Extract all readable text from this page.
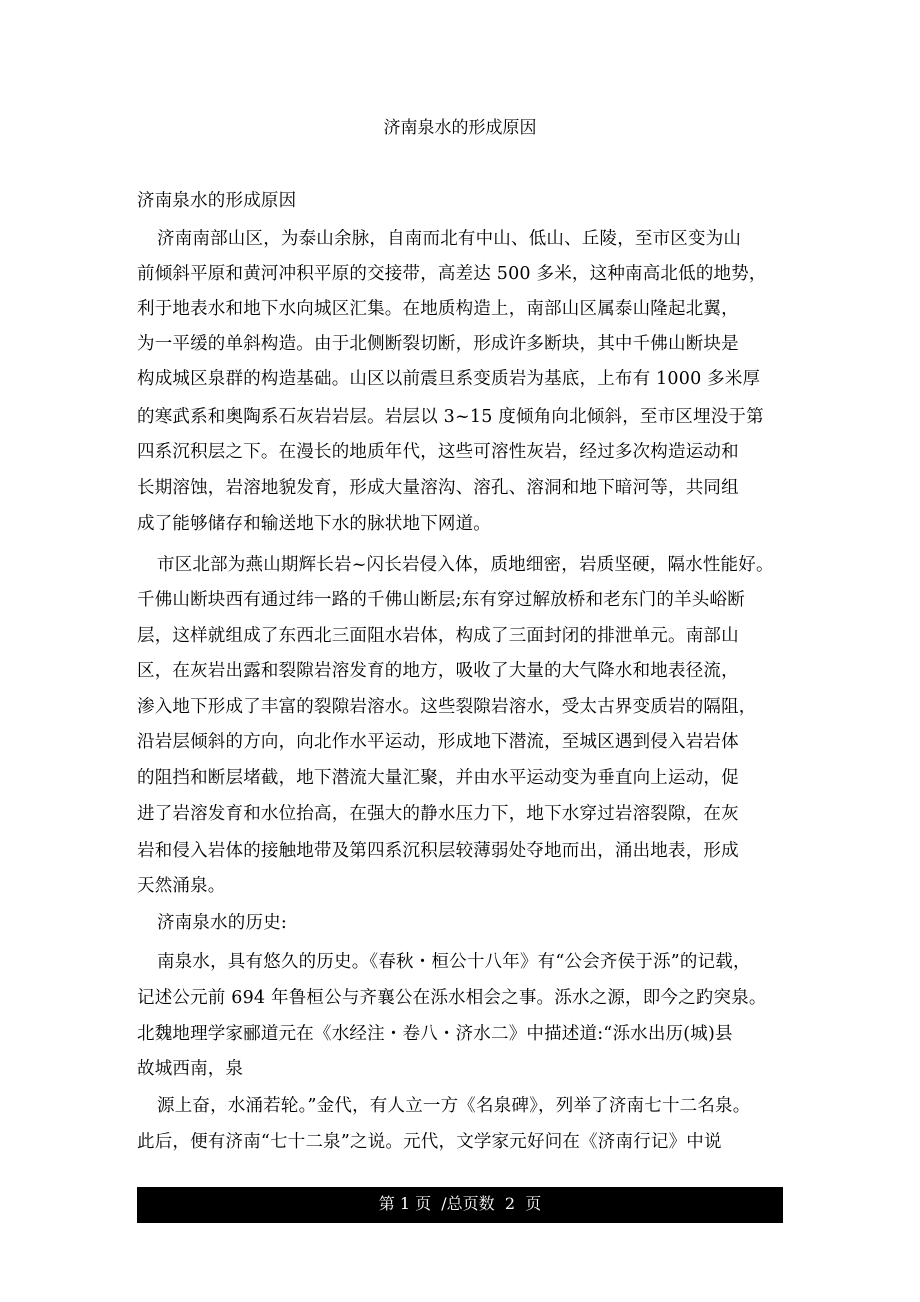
济南泉水的形成原因
济南泉水的形成原因
济南南部山区，为泰山余脉，自南而北有中山、低山、丘陵，至市区变为山
前倾斜平原和黄河冲积平原的交接带，高差达 500 多米，这种南高北低的地势，
利于地表水和地下水向城区汇集。在地质构造上，南部山区属泰山隆起北翼，
为一平缓的单斜构造。由于北侧断裂切断，形成许多断块，其中千佛山断块是
构成城区泉群的构造基础。山区以前震旦系变质岩为基底，上布有 1000 多米厚
的寒武系和奥陶系石灰岩岩层。岩层以 3~15 度倾角向北倾斜，至市区埋没于第
四系沉积层之下。在漫长的地质年代，这些可溶性灰岩，经过多次构造运动和
长期溶蚀，岩溶地貌发育，形成大量溶沟、溶孔、溶洞和地下暗河等，共同组
成了能够储存和输送地下水的脉状地下网道。
市区北部为燕山期辉长岩~闪长岩侵入体，质地细密，岩质坚硬，隔水性能好。
千佛山断块西有通过纬一路的千佛山断层;东有穿过解放桥和老东门的羊头峪断
层，这样就组成了东西北三面阻水岩体，构成了三面封闭的排泄单元。南部山
区，在灰岩出露和裂隙岩溶发育的地方，吸收了大量的大气降水和地表径流，
渗入地下形成了丰富的裂隙岩溶水。这些裂隙岩溶水，受太古界变质岩的隔阻，
沿岩层倾斜的方向，向北作水平运动，形成地下潜流，至城区遇到侵入岩岩体
的阻挡和断层堵截，地下潜流大量汇聚，并由水平运动变为垂直向上运动，促
进了岩溶发育和水位抬高，在强大的静水压力下，地下水穿过岩溶裂隙，在灰
岩和侵入岩体的接触地带及第四系沉积层较薄弱处夺地而出，涌出地表，形成
天然涌泉。
济南泉水的历史:
南泉水，具有悠久的历史。《春秋・桓公十八年》有“公会齐侯于泺”的记载，
记述公元前 694 年鲁桓公与齐襄公在泺水相会之事。泺水之源，即今之趵突泉。
北魏地理学家郦道元在《水经注・卷八・济水二》中描述道:“泺水出历(城)县
故城西南，泉
源上奋，水涌若轮。”金代，有人立一方《名泉碑》，列举了济南七十二名泉。
此后，便有济南“七十二泉”之说。元代，文学家元好问在《济南行记》中说
第 1 页  /总页数  2  页
